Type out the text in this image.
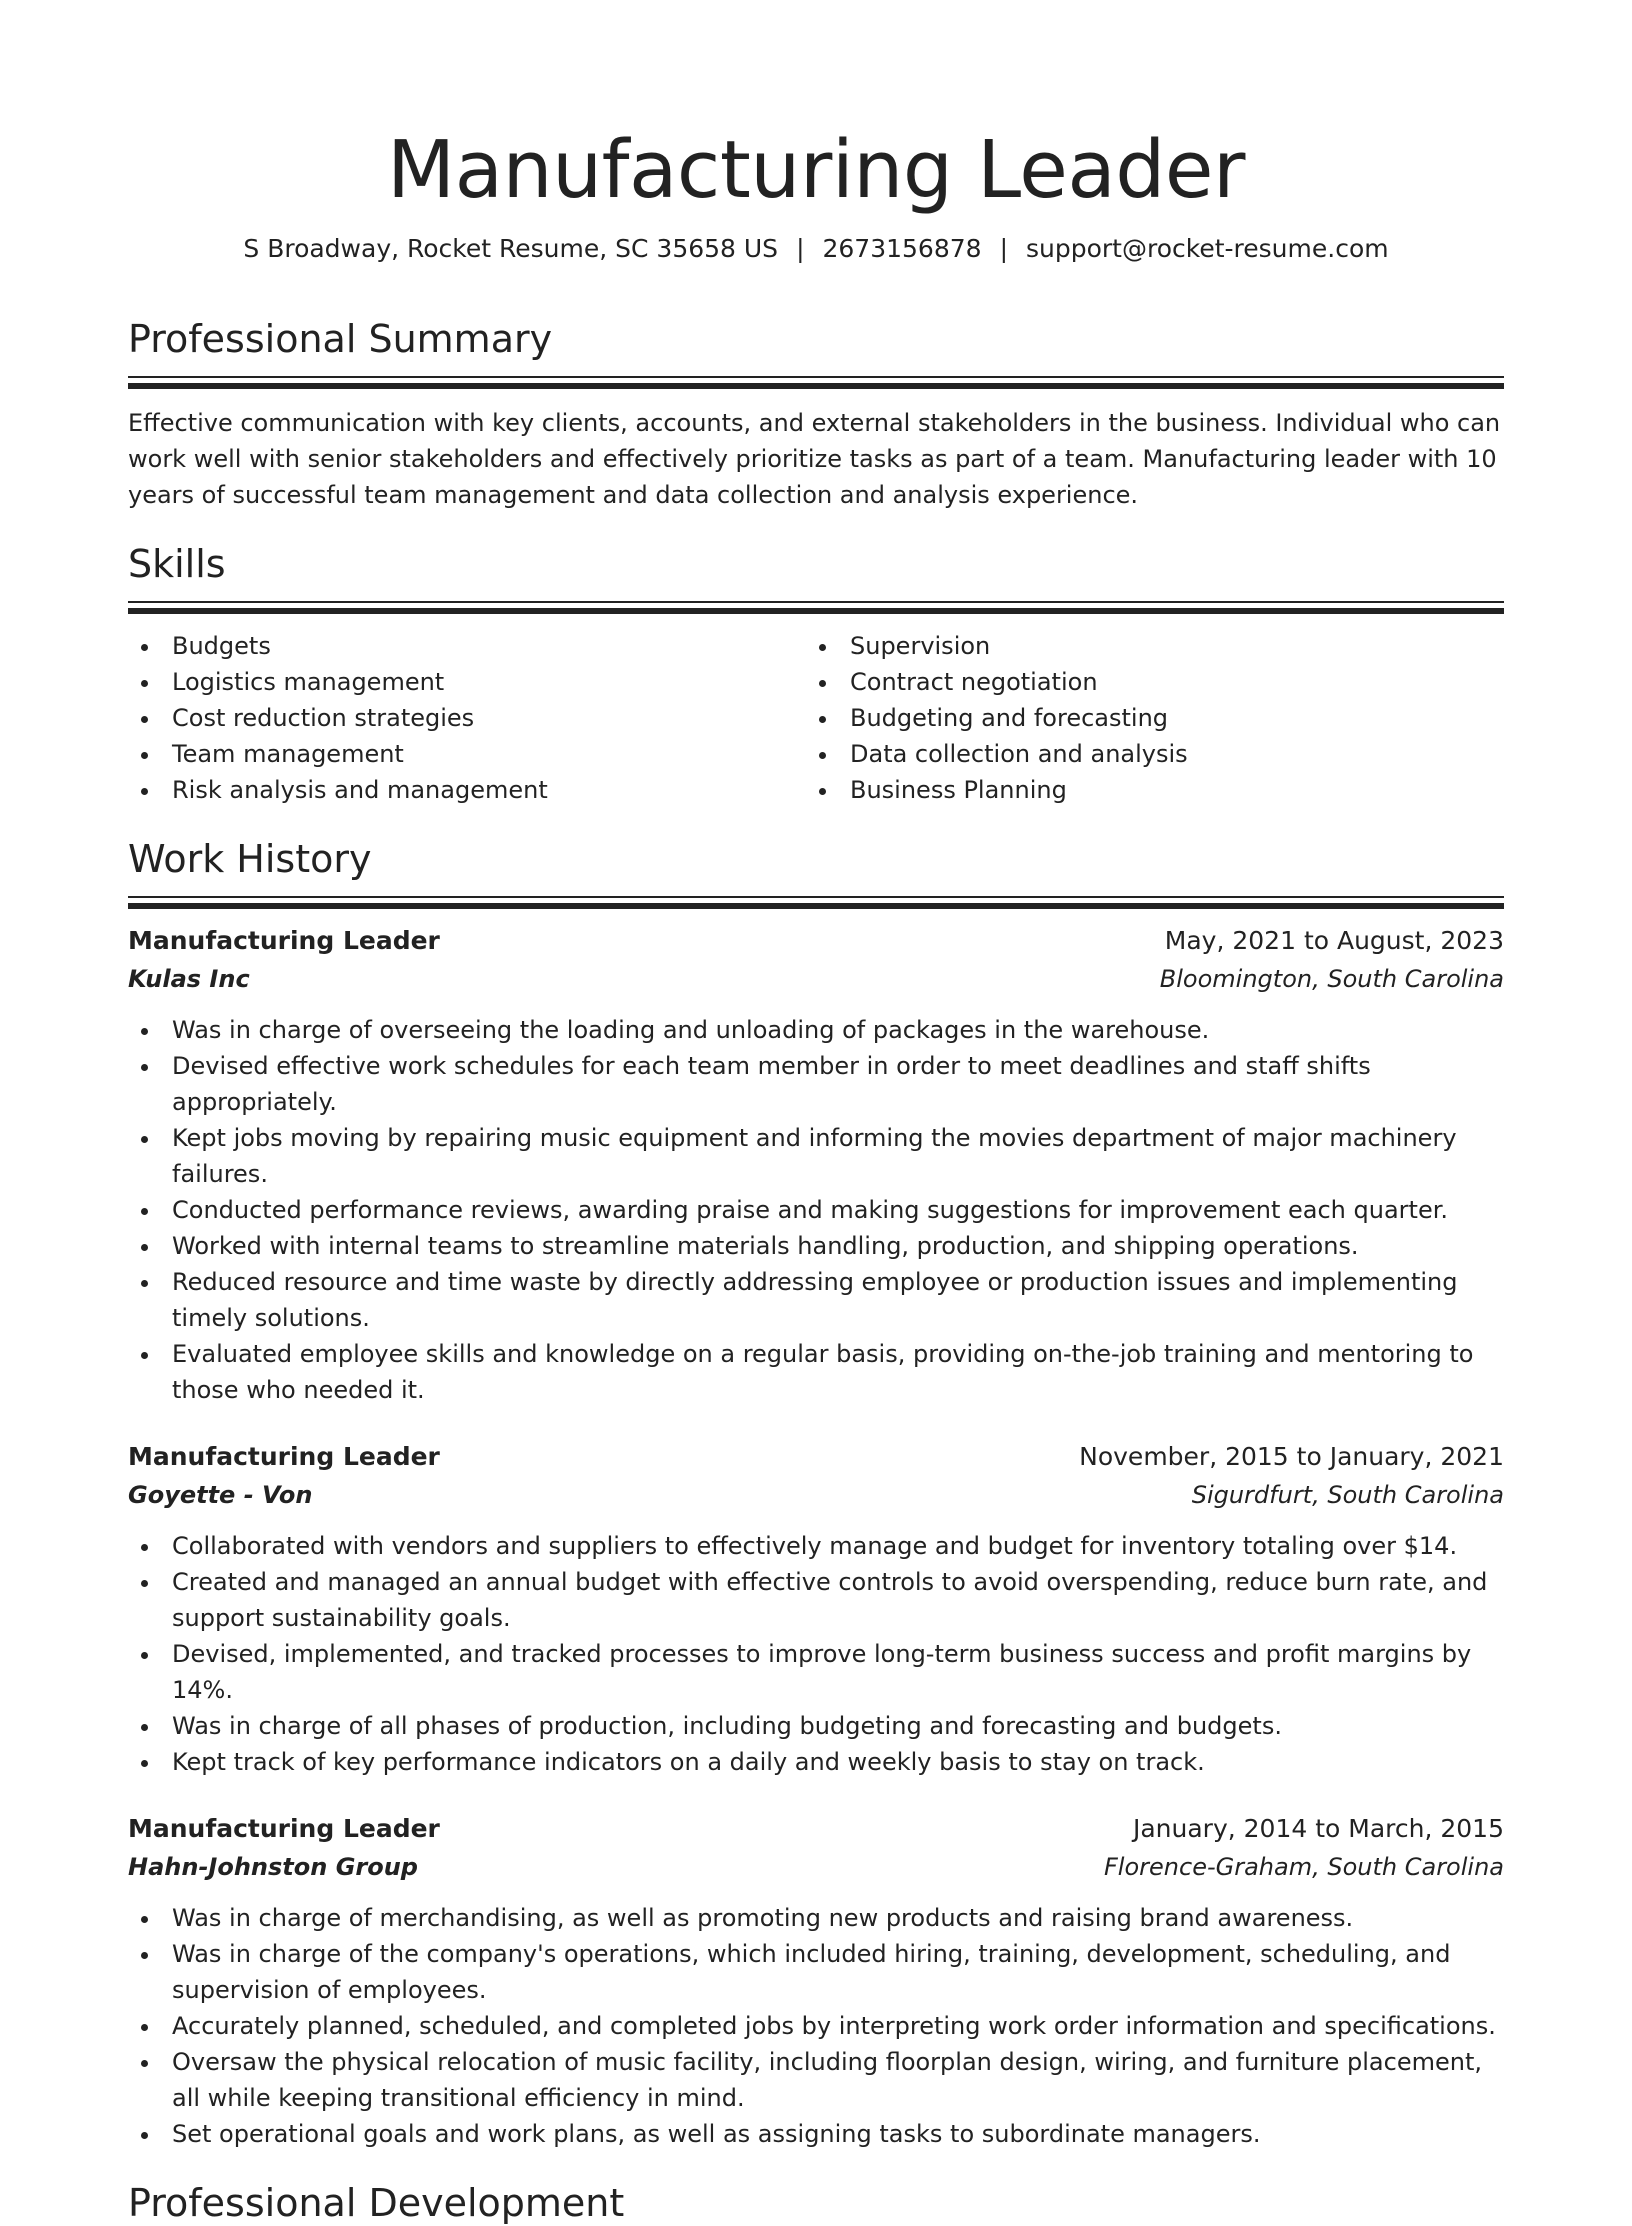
Manufacturing Leader
S Broadway, Rocket Resume, SC 35658 US | 2673156878 | support@rocket-resume.com
Professional Summary

Effective communication with key clients, accounts, and external stakeholders in the business. Individual who can work well with senior stakeholders and effectively prioritize tasks as part of a team. Manufacturing leader with 10 years of successful team management and data collection and analysis experience.

Skills
Budgets
Logistics management
Cost reduction strategies
Team management
Risk analysis and management
Supervision
Contract negotiation
Budgeting and forecasting
Data collection and analysis
Business Planning
Work History
Manufacturing Leader	May, 2021 to August, 2023
Kulas Inc	Bloomington, South Carolina
Was in charge of overseeing the loading and unloading of packages in the warehouse.
Devised effective work schedules for each team member in order to meet deadlines and staff shifts appropriately.
Kept jobs moving by repairing music equipment and informing the movies department of major machinery failures.
Conducted performance reviews, awarding praise and making suggestions for improvement each quarter.
Worked with internal teams to streamline materials handling, production, and shipping operations.
Reduced resource and time waste by directly addressing employee or production issues and implementing timely solutions.
Evaluated employee skills and knowledge on a regular basis, providing on-the-job training and mentoring to those who needed it.
Manufacturing Leader	November, 2015 to January, 2021
Goyette - Von	Sigurdfurt, South Carolina
Collaborated with vendors and suppliers to effectively manage and budget for inventory totaling over $14.
Created and managed an annual budget with effective controls to avoid overspending, reduce burn rate, and support sustainability goals.
Devised, implemented, and tracked processes to improve long-term business success and profit margins by 14%.
Was in charge of all phases of production, including budgeting and forecasting and budgets.
Kept track of key performance indicators on a daily and weekly basis to stay on track.
Manufacturing Leader	January, 2014 to March, 2015
Hahn-Johnston Group	Florence-Graham, South Carolina
Was in charge of merchandising, as well as promoting new products and raising brand awareness.
Was in charge of the company's operations, which included hiring, training, development, scheduling, and supervision of employees.
Accurately planned, scheduled, and completed jobs by interpreting work order information and specifications.
Oversaw the physical relocation of music facility, including floorplan design, wiring, and furniture placement, all while keeping transitional efficiency in mind.
Set operational goals and work plans, as well as assigning tasks to subordinate managers.
Professional Development
